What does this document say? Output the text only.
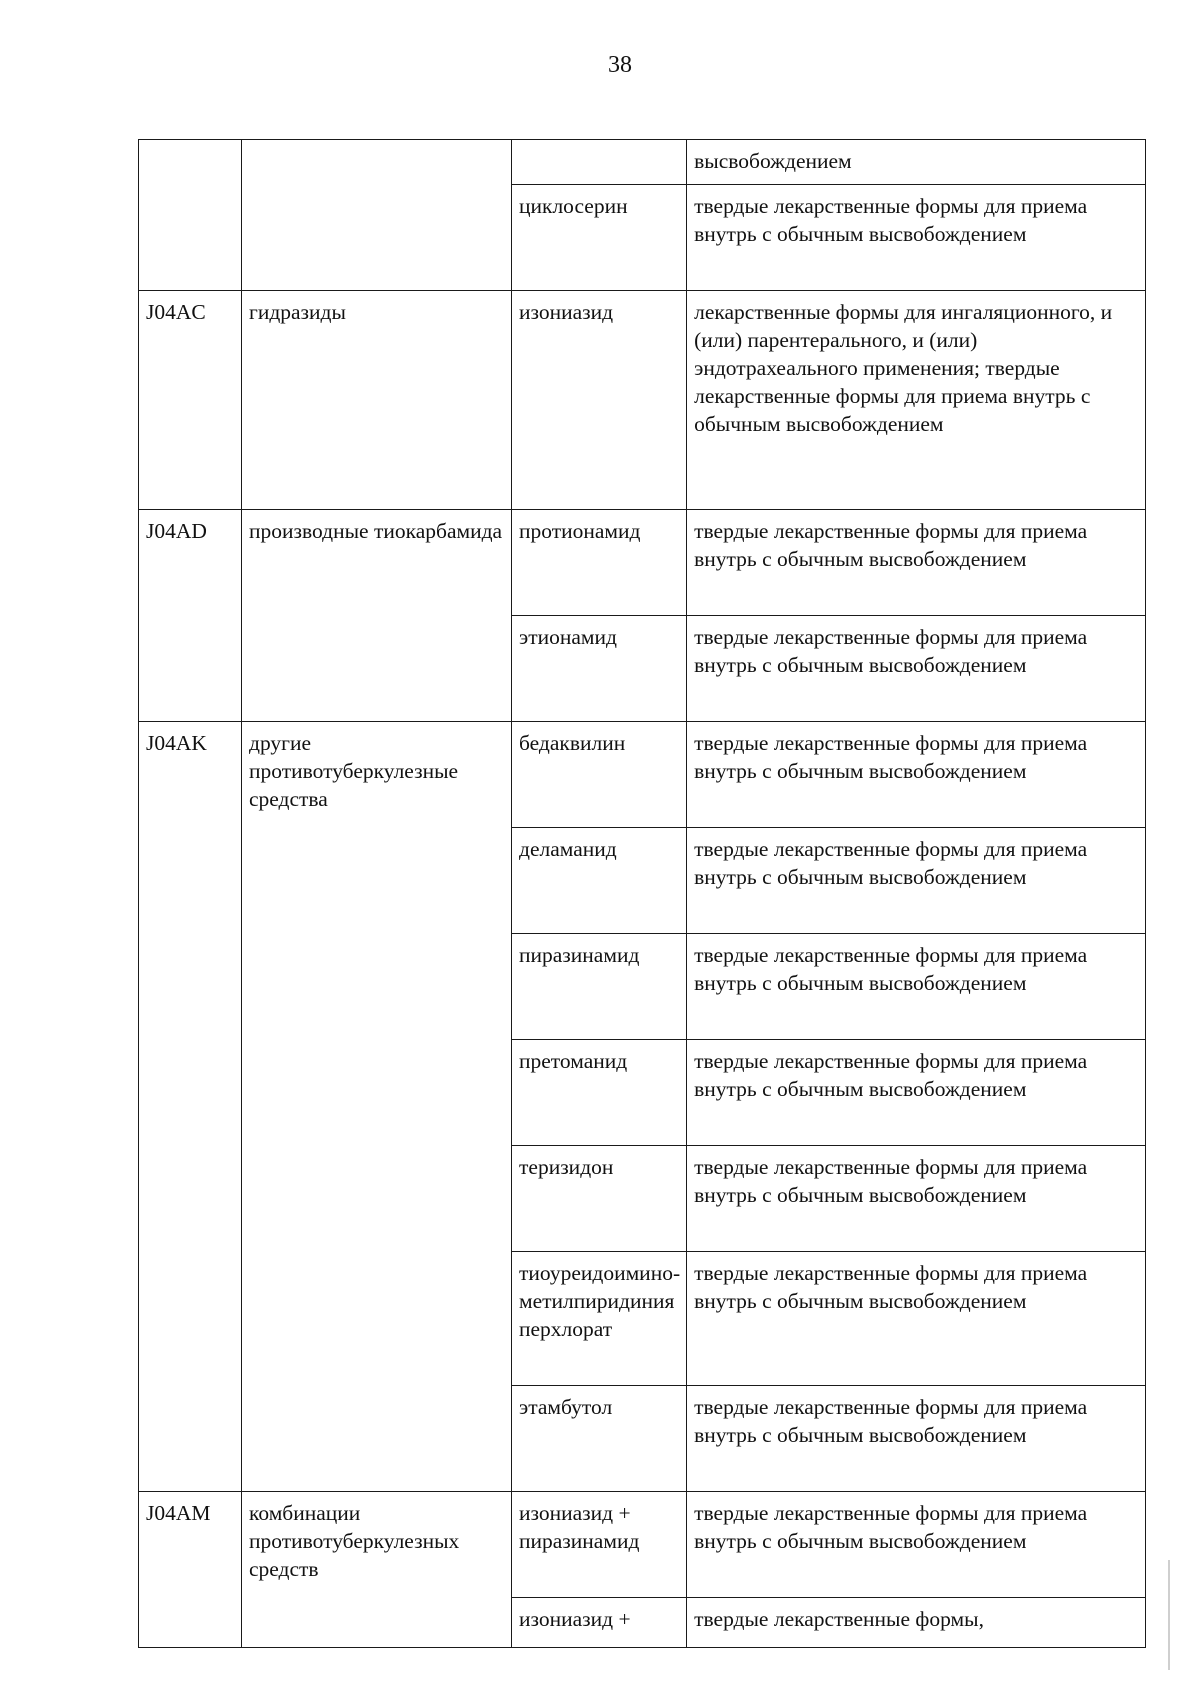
38
			высвобождением
		циклосерин	твердые лекарственные формы для приема внутрь с обычным высвобождением
J04AC	гидразиды	изониазид	лекарственные формы для ингаляционного, и (или) парентерального, и (или) эндотрахеального применения; твердые лекарственные формы для приема внутрь с обычным высвобождением
J04AD	производные тиокарбамида	протионамид	твердые лекарственные формы для приема внутрь с обычным высвобождением
		этионамид	твердые лекарственные формы для приема внутрь с обычным высвобождением
J04AK	другие противотуберкулезные средства	бедаквилин	твердые лекарственные формы для приема внутрь с обычным высвобождением
		деламанид	твердые лекарственные формы для приема внутрь с обычным высвобождением
		пиразинамид	твердые лекарственные формы для приема внутрь с обычным высвобождением
		претоманид	твердые лекарственные формы для приема внутрь с обычным высвобождением
		теризидон	твердые лекарственные формы для приема внутрь с обычным высвобождением
		тиоуреидоимино-метилпиридиния перхлорат	твердые лекарственные формы для приема внутрь с обычным высвобождением
		этамбутол	твердые лекарственные формы для приема внутрь с обычным высвобождением
J04AM	комбинации противотуберкулезных средств	изониазид + пиразинамид	твердые лекарственные формы для приема внутрь с обычным высвобождением
		изониазид +	твердые лекарственные формы,
